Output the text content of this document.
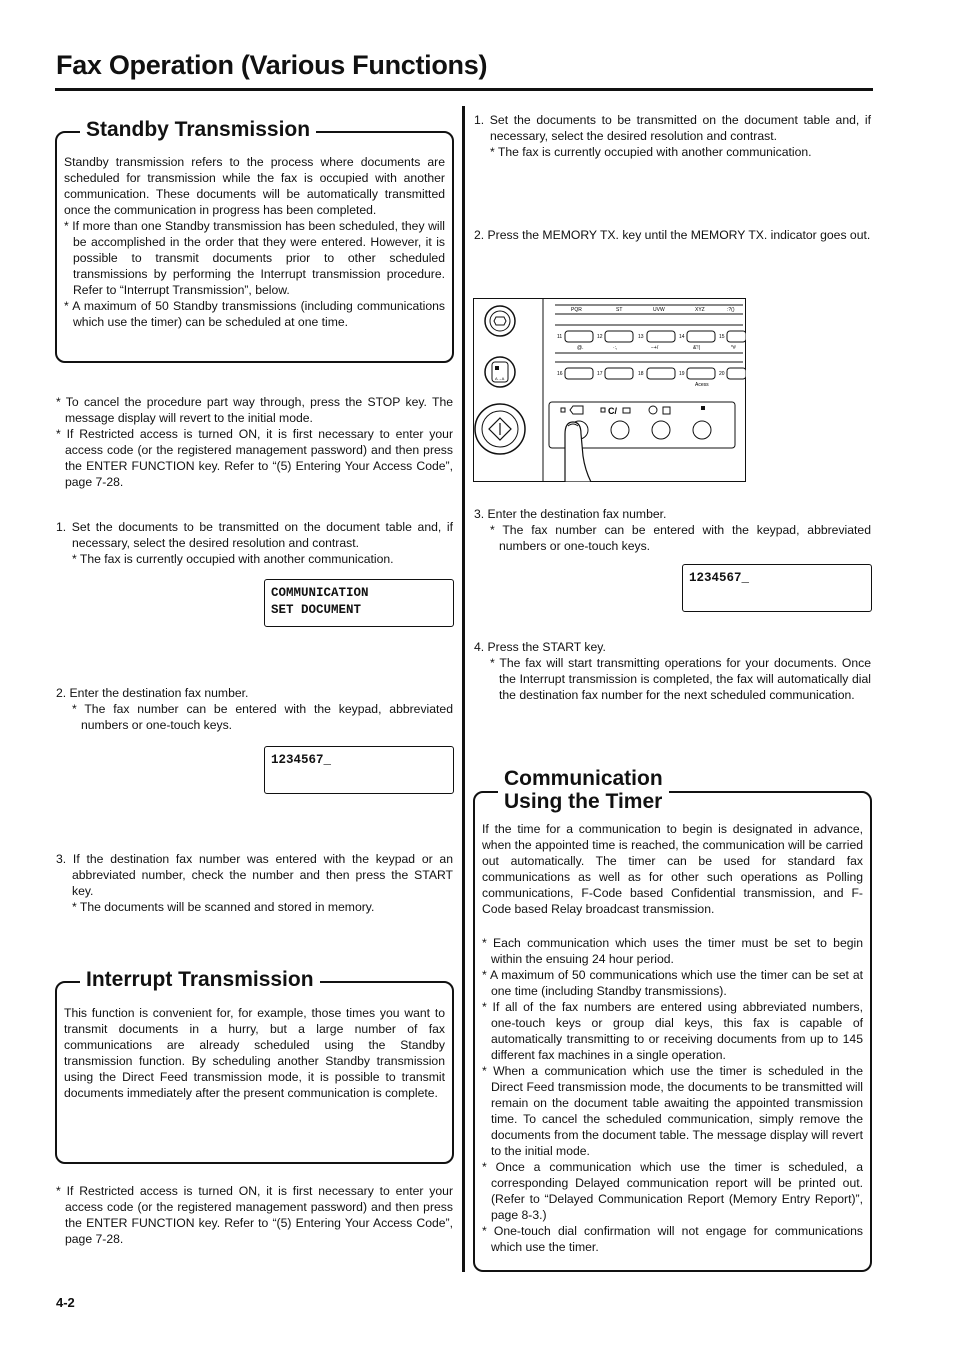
Fax Operation (Various Functions)
Standby Transmission

Standby transmission refers to the process where documents are scheduled for transmission while the fax is occupied with another communication. These documents will be automatically transmitted once the communication in progress has been completed.

* If more than one Standby transmission has been scheduled, they will be accomplished in the order that they were entered. However, it is possible to transmit documents prior to other scheduled transmissions by performing the Interrupt transmission procedure. Refer to “Interrupt Transmission”, below.

* A maximum of 50 Standby transmissions (including communications which use the timer) can be scheduled at one time.

* To cancel the procedure part way through, press the STOP key. The message display will revert to the initial mode.

* If Restricted access is turned ON, it is first necessary to enter your access code (or the registered management password) and then press the ENTER FUNCTION key. Refer to “(5) Entering Your Access Code”, page 7-28.

1. Set the documents to be transmitted on the document table and, if necessary, select the desired resolution and contrast.

* The fax is currently occupied with another communication.

COMMUNICATION
SET DOCUMENT

2. Enter the destination fax number.

* The fax number can be entered with the keypad, abbreviated numbers or one-touch keys.

1234567_

3. If the destination fax number was entered with the keypad or an abbreviated number, check the number and then press the START key.

* The documents will be scanned and stored in memory.

Interrupt Transmission
This function is convenient for, for example, those times you want to transmit documents in a hurry, but a large number of fax communications are already scheduled using the Standby transmission function. By scheduling another Standby transmission using the Direct Feed transmission mode, it is possible to transmit documents immediately after the present communication is complete.

* If Restricted access is turned ON, it is first necessary to enter your access code (or the registered management password) and then press the ENTER FUNCTION key. Refer to “(5) Entering Your Access Code”, page 7-28.

1. Set the documents to be transmitted on the document table and, if necessary, select the desired resolution and contrast.

* The fax is currently occupied with another communication.

2. Press the MEMORY TX. key until the MEMORY TX. indicator goes out.

A→A
PQR	ST	UVW	XYZ	:?()
11	12	13	14	15
@.	·:,	−+/	&'!|	*#
16	17	18	19	20
Acess
C/

3. Enter the destination fax number.

* The fax number can be entered with the keypad, abbreviated numbers or one-touch keys.

1234567_

4. Press the START key.

* The fax will start transmitting operations for your documents. Once the Interrupt transmission is completed, the fax will automatically dial the destination fax number for the next scheduled communication.

Communication
Using the Timer

If the time for a communication to begin is designated in advance, when the appointed time is reached, the communication will be carried out automatically. The timer can be used for standard fax communications as well as for other such operations as Polling communications, F-Code based Confidential transmission, and F-Code based Relay broadcast transmission.

* Each communication which uses the timer must be set to begin within the ensuing 24 hour period.

* A maximum of 50 communications which use the timer can be set at one time (including Standby transmissions).

* If all of the fax numbers are entered using abbreviated numbers, one-touch keys or group dial keys, this fax is capable of automatically transmitting to or receiving documents from up to 145 different fax machines in a single operation.

* When a communication which use the timer is scheduled in the Direct Feed transmission mode, the documents to be transmitted will remain on the document table awaiting the appointed transmission time. To cancel the scheduled communication, simply remove the documents from the document table. The message display will revert to the initial mode.

* Once a communication which use the timer is scheduled, a corresponding Delayed communication report will be printed out. (Refer to “Delayed Communication Report (Memory Entry Report)”, page 8-3.)

* One-touch dial confirmation will not engage for communications which use the timer.

4-2
